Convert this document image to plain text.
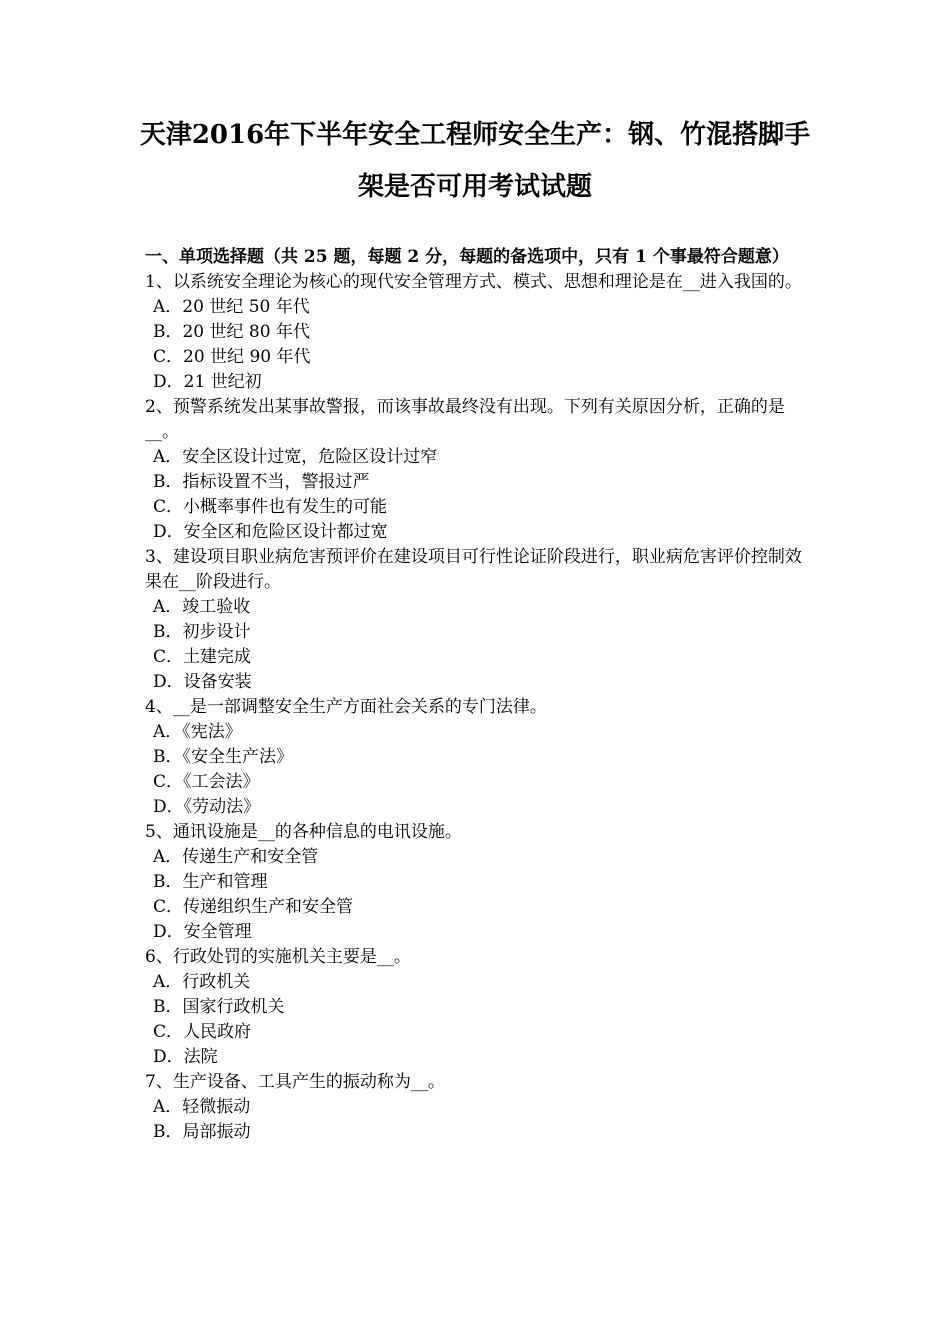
天津2016年下半年安全工程师安全生产：钢、竹混搭脚手
架是否可用考试试题

一、单项选择题（共 25 题，每题 2 分，每题的备选项中，只有 1 个事最符合题意）

1、以系统安全理论为核心的现代安全管理方式、模式、思想和理论是在__进入我国的。

A．20 世纪 50 年代

B．20 世纪 80 年代

C．20 世纪 90 年代

D．21 世纪初

2、预警系统发出某事故警报，而该事故最终没有出现。下列有关原因分析，正确的是__。

A．安全区设计过宽，危险区设计过窄

B．指标设置不当，警报过严

C．小概率事件也有发生的可能

D．安全区和危险区设计都过宽

3、建设项目职业病危害预评价在建设项目可行性论证阶段进行，职业病危害评价控制效果在__阶段进行。

A．竣工验收

B．初步设计

C．土建完成

D．设备安装

4、__是一部调整安全生产方面社会关系的专门法律。

A．《宪法》

B．《安全生产法》

C．《工会法》

D．《劳动法》

5、通讯设施是__的各种信息的电讯设施。

A．传递生产和安全管

B．生产和管理

C．传递组织生产和安全管

D．安全管理

6、行政处罚的实施机关主要是__。

A．行政机关

B．国家行政机关

C．人民政府

D．法院

7、生产设备、工具产生的振动称为__。

A．轻微振动

B．局部振动
